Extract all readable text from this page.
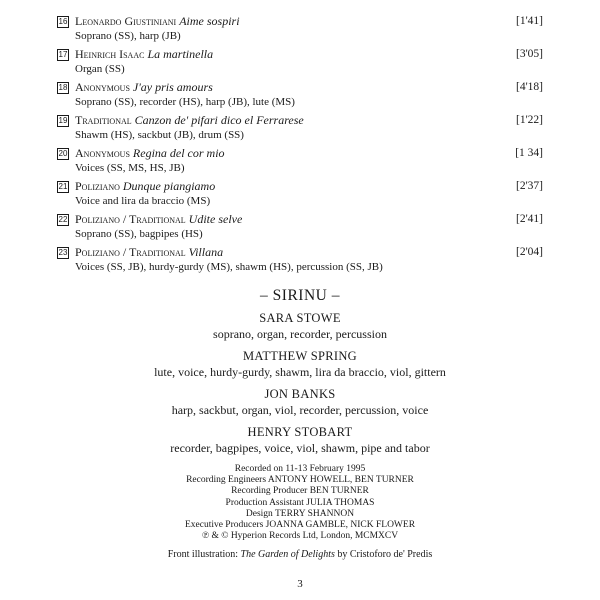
16 Leonardo Giustiniani Aime sospiri
Soprano (SS), harp (JB)
[1'41]
17 Heinrich Isaac La martinella
Organ (SS)
[3'05]
18 Anonymous J'ay pris amours
Soprano (SS), recorder (HS), harp (JB), lute (MS)
[4'18]
19 Traditional Canzon de' pifari dico el Ferrarese
Shawm (HS), sackbut (JB), drum (SS)
[1'22]
20 Anonymous Regina del cor mio
Voices (SS, MS, HS, JB)
[1 34]
21 Poliziano Dunque piangiamo
Voice and lira da braccio (MS)
[2'37]
22 Poliziano / Traditional Udite selve
Soprano (SS), bagpipes (HS)
[2'41]
23 Poliziano / Traditional Villana
Voices (SS, JB), hurdy-gurdy (MS), shawm (HS), percussion (SS, JB)
[2'04]
– SIRINU –
SARA STOWE
soprano, organ, recorder, percussion
MATTHEW SPRING
lute, voice, hurdy-gurdy, shawm, lira da braccio, viol, gittern
JON BANKS
harp, sackbut, organ, viol, recorder, percussion, voice
HENRY STOBART
recorder, bagpipes, voice, viol, shawm, pipe and tabor
Recorded on 11-13 February 1995
Recording Engineers ANTONY HOWELL, BEN TURNER
Recording Producer BEN TURNER
Production Assistant JULIA THOMAS
Design TERRY SHANNON
Executive Producers JOANNA GAMBLE, NICK FLOWER
℗ & © Hyperion Records Ltd, London, MCMXCV
Front illustration: The Garden of Delights by Cristoforo de' Predis
3
